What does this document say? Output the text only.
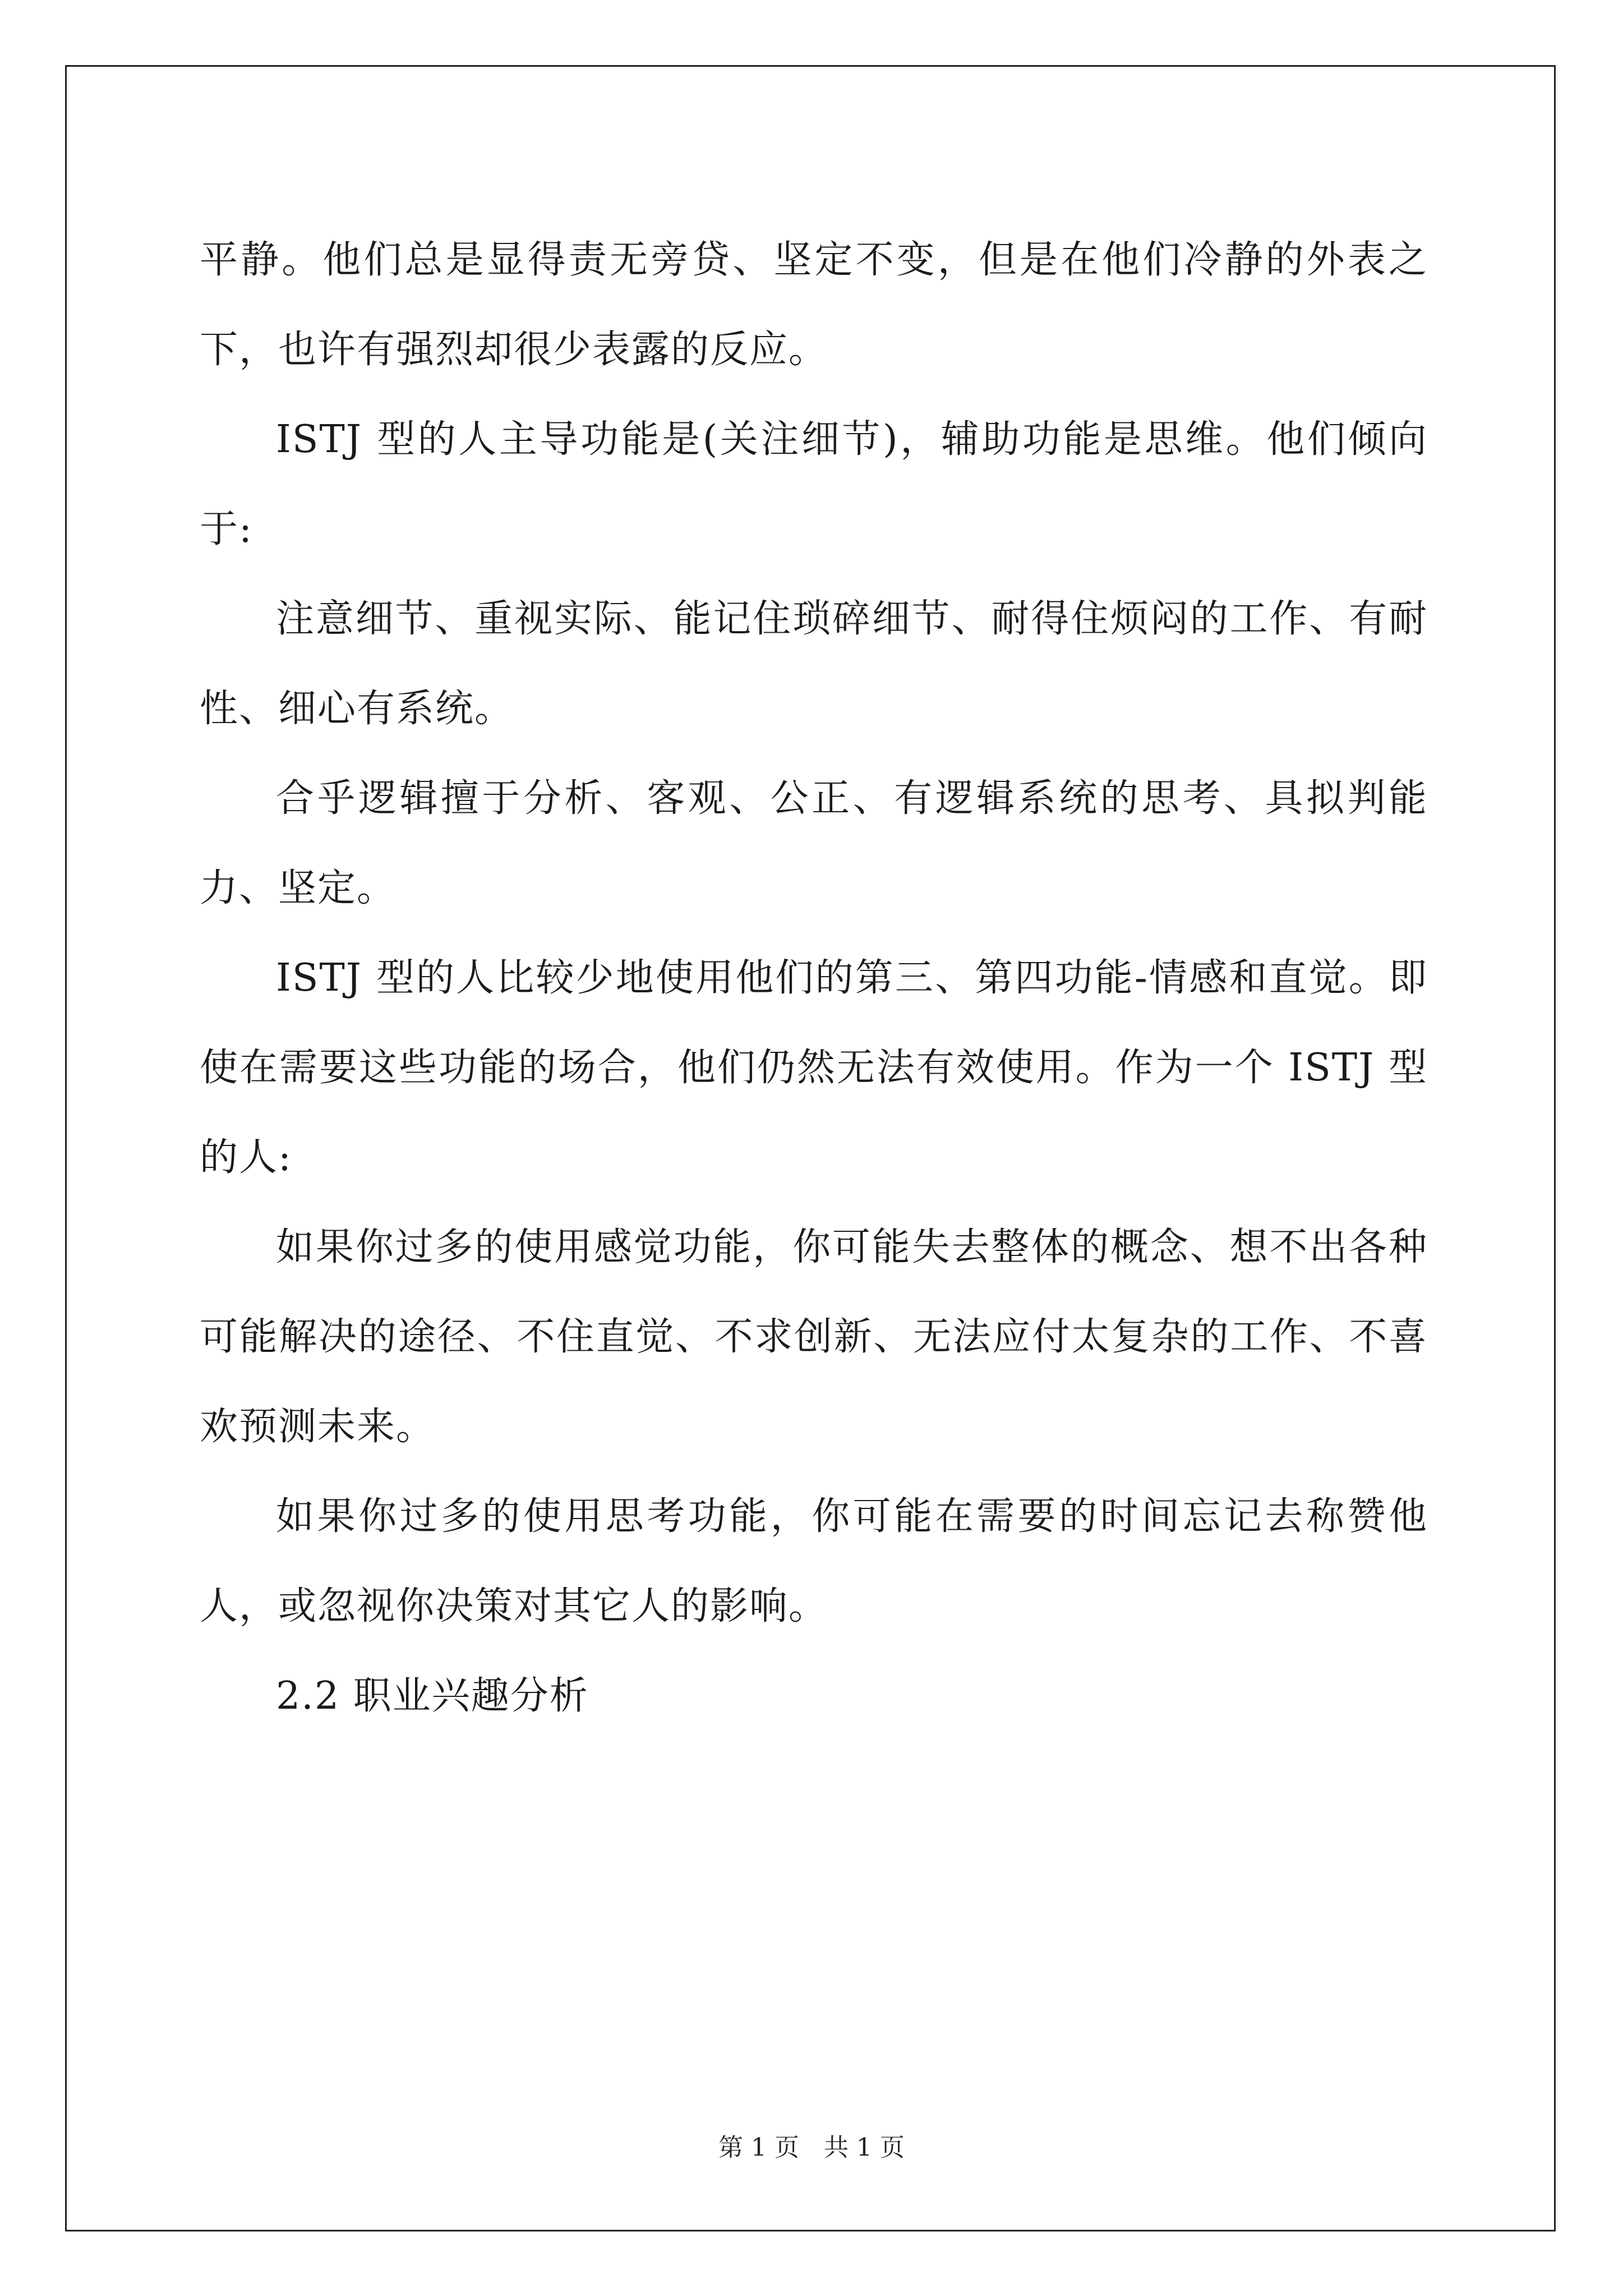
平静。他们总是显得责无旁贷、坚定不变，但是在他们冷静的外表之下，也许有强烈却很少表露的反应。

ISTJ 型的人主导功能是(关注细节)，辅助功能是思维。他们倾向于:

注意细节、重视实际、能记住琐碎细节、耐得住烦闷的工作、有耐性、细心有系统。

合乎逻辑擅于分析、客观、公正、有逻辑系统的思考、具拟判能力、坚定。

ISTJ 型的人比较少地使用他们的第三、第四功能-情感和直觉。即使在需要这些功能的场合，他们仍然无法有效使用。作为一个 ISTJ 型的人:

如果你过多的使用感觉功能，你可能失去整体的概念、想不出各种可能解决的途径、不住直觉、不求创新、无法应付太复杂的工作、不喜欢预测未来。

如果你过多的使用思考功能，你可能在需要的时间忘记去称赞他人，或忽视你决策对其它人的影响。

2.2 职业兴趣分析

第 1 页　共 1 页
